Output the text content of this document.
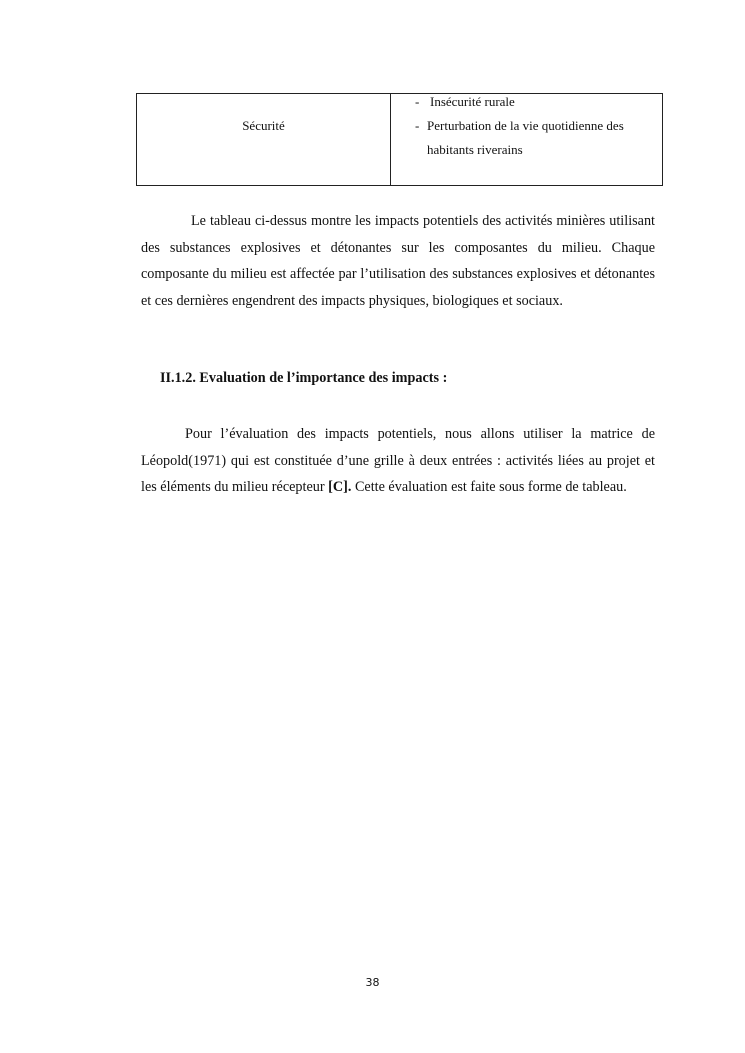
Sécurité
- Insécurité rurale
- Perturbation de la vie quotidienne des
habitants riverains

Le tableau ci-dessus montre les impacts potentiels des activités minières utilisant des substances explosives et détonantes sur les composantes du milieu. Chaque composante du milieu est affectée par l’utilisation des substances explosives et détonantes et ces dernières engendrent des impacts physiques, biologiques et sociaux.

II.1.2. Evaluation de l’importance des impacts :

Pour l’évaluation des impacts potentiels, nous allons utiliser la matrice de Léopold(1971) qui est constituée d’une grille à deux entrées : activités liées au projet et les éléments du milieu récepteur [C]. Cette évaluation est faite sous forme de tableau.

38
